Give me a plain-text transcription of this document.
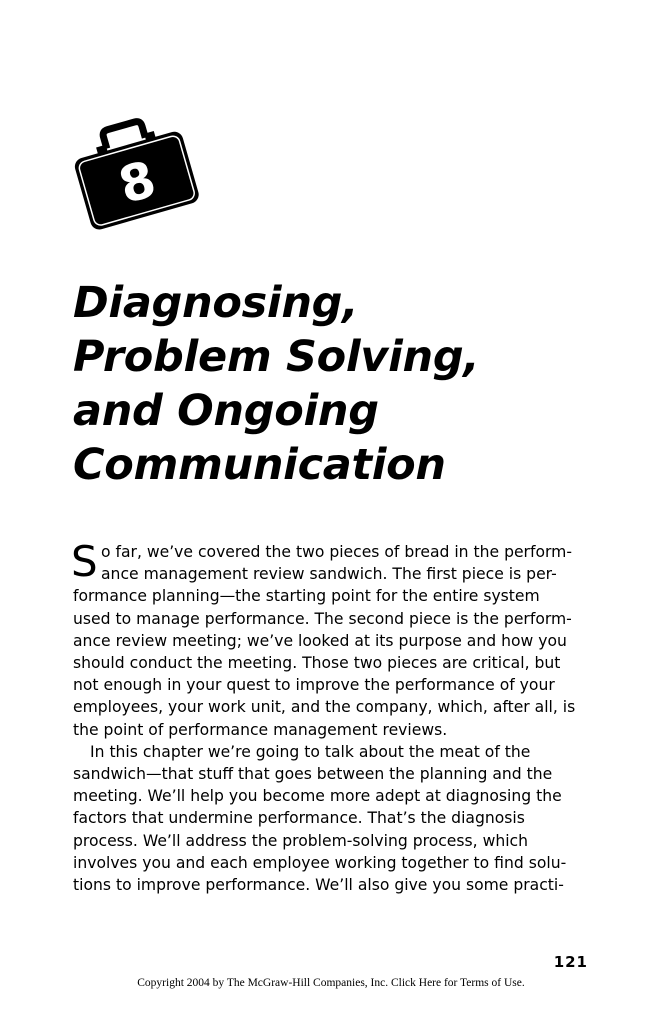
8
Diagnosing,
Problem Solving,
and Ongoing
Communication
S o far, we’ve covered the two pieces of bread in the perform-
ance management review sandwich. The first piece is per-
formance planning—the starting point for the entire system
used to manage performance. The second piece is the perform-
ance review meeting; we’ve looked at its purpose and how you
should conduct the meeting. Those two pieces are critical, but
not enough in your quest to improve the performance of your
employees, your work unit, and the company, which, after all, is
the point of performance management reviews.
In this chapter we’re going to talk about the meat of the
sandwich—that stuff that goes between the planning and the
meeting. We’ll help you become more adept at diagnosing the
factors that undermine performance. That’s the diagnosis
process. We’ll address the problem-solving process, which
involves you and each employee working together to find solu-
tions to improve performance. We’ll also give you some practi-
121
Copyright 2004 by The McGraw-Hill Companies, Inc. Click Here for Terms of Use.
